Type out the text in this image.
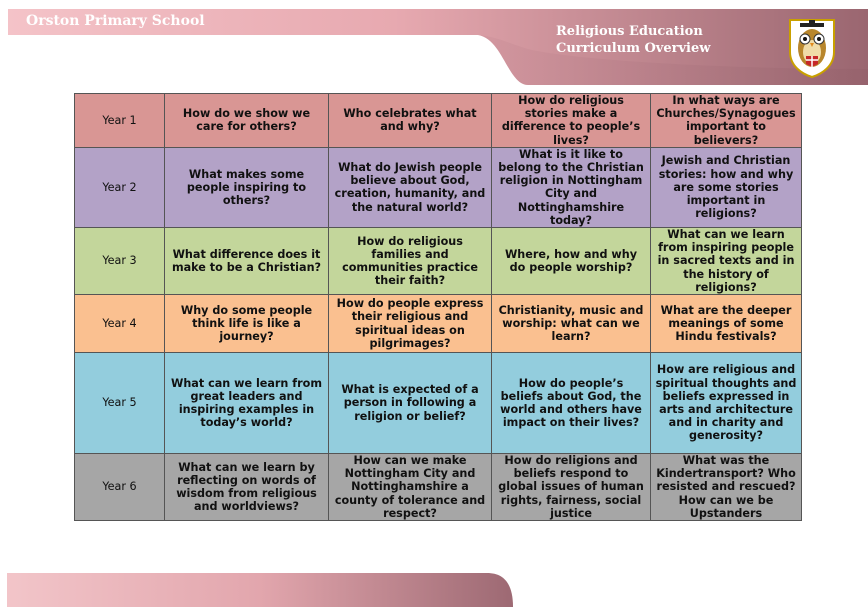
Orston Primary School
Religious Education
Curriculum Overview
Year 1	How do we show we care for others?	Who celebrates what and why?	How do religious stories make a difference to people’s lives?	In what ways are Churches/Synagogues important to believers?
Year 2	What makes some people inspiring to others?	What do Jewish people believe about God, creation, humanity, and the natural world?	What is it like to belong to the Christian religion in Nottingham City and Nottinghamshire today?	Jewish and Christian stories: how and why are some stories important in religions?
Year 3	What difference does it make to be a Christian?	How do religious families and communities practice their faith?	Where, how and why do people worship?	What can we learn from inspiring people in sacred texts and in the history of religions?
Year 4	Why do some people think life is like a journey?	How do people express their religious and spiritual ideas on pilgrimages?	Christianity, music and worship: what can we learn?	What are the deeper meanings of some Hindu festivals?
Year 5	What can we learn from great leaders and inspiring examples in today’s world?	What is expected of a person in following a religion or belief?	How do people’s beliefs about God, the world and others have impact on their lives?	How are religious and spiritual thoughts and beliefs expressed in arts and architecture and in charity and generosity?
Year 6	What can we learn by reflecting on words of wisdom from religious and worldviews?	How can we make Nottingham City and Nottinghamshire a county of tolerance and respect?	How do religions and beliefs respond to global issues of human rights, fairness, social justice	What was the Kindertransport? Who resisted and rescued? How can we be Upstanders
